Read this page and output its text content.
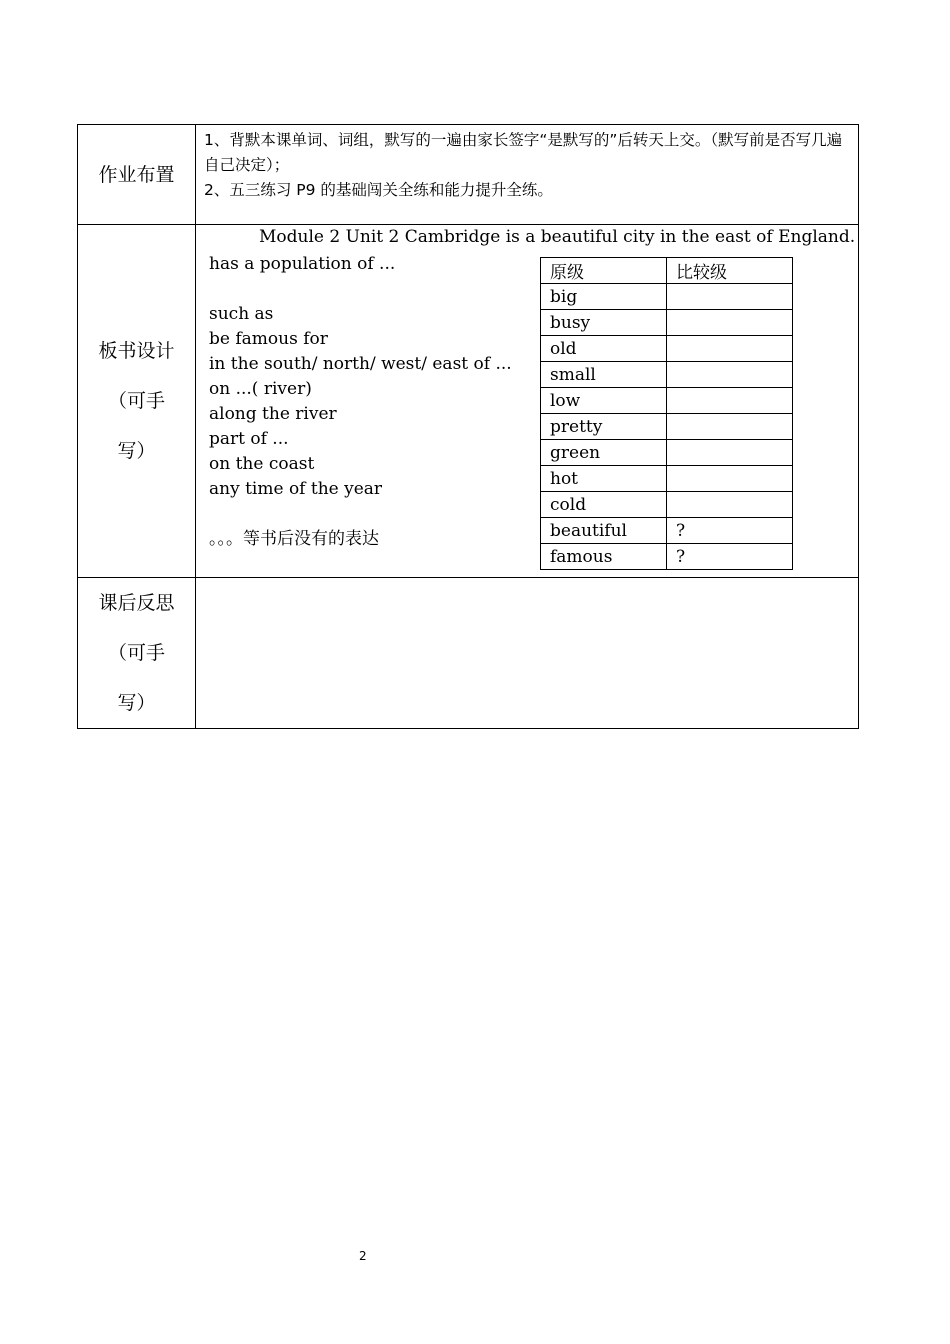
作业布置

1、背默本课单词、词组，默写的一遍由家长签字“是默写的”后转天上交。（默写前是否写几遍自己决定）；
2、五三练习 P9 的基础闯关全练和能力提升全练。

板书设计
（可手
写）

Module 2 Unit 2 Cambridge is a beautiful city in the east of England.
has a population of ...
such as
be famous for
in the south/ north/ west/ east of ...
on ...( river)
along the river
part of ...
on the coast
any time of the year
。。。等书后没有的表达
原级	比较级
big	
busy	
old	
small	
low	
pretty	
green	
hot	
cold	
beautiful	?
famous	?

课后反思
（可手
写）

2
